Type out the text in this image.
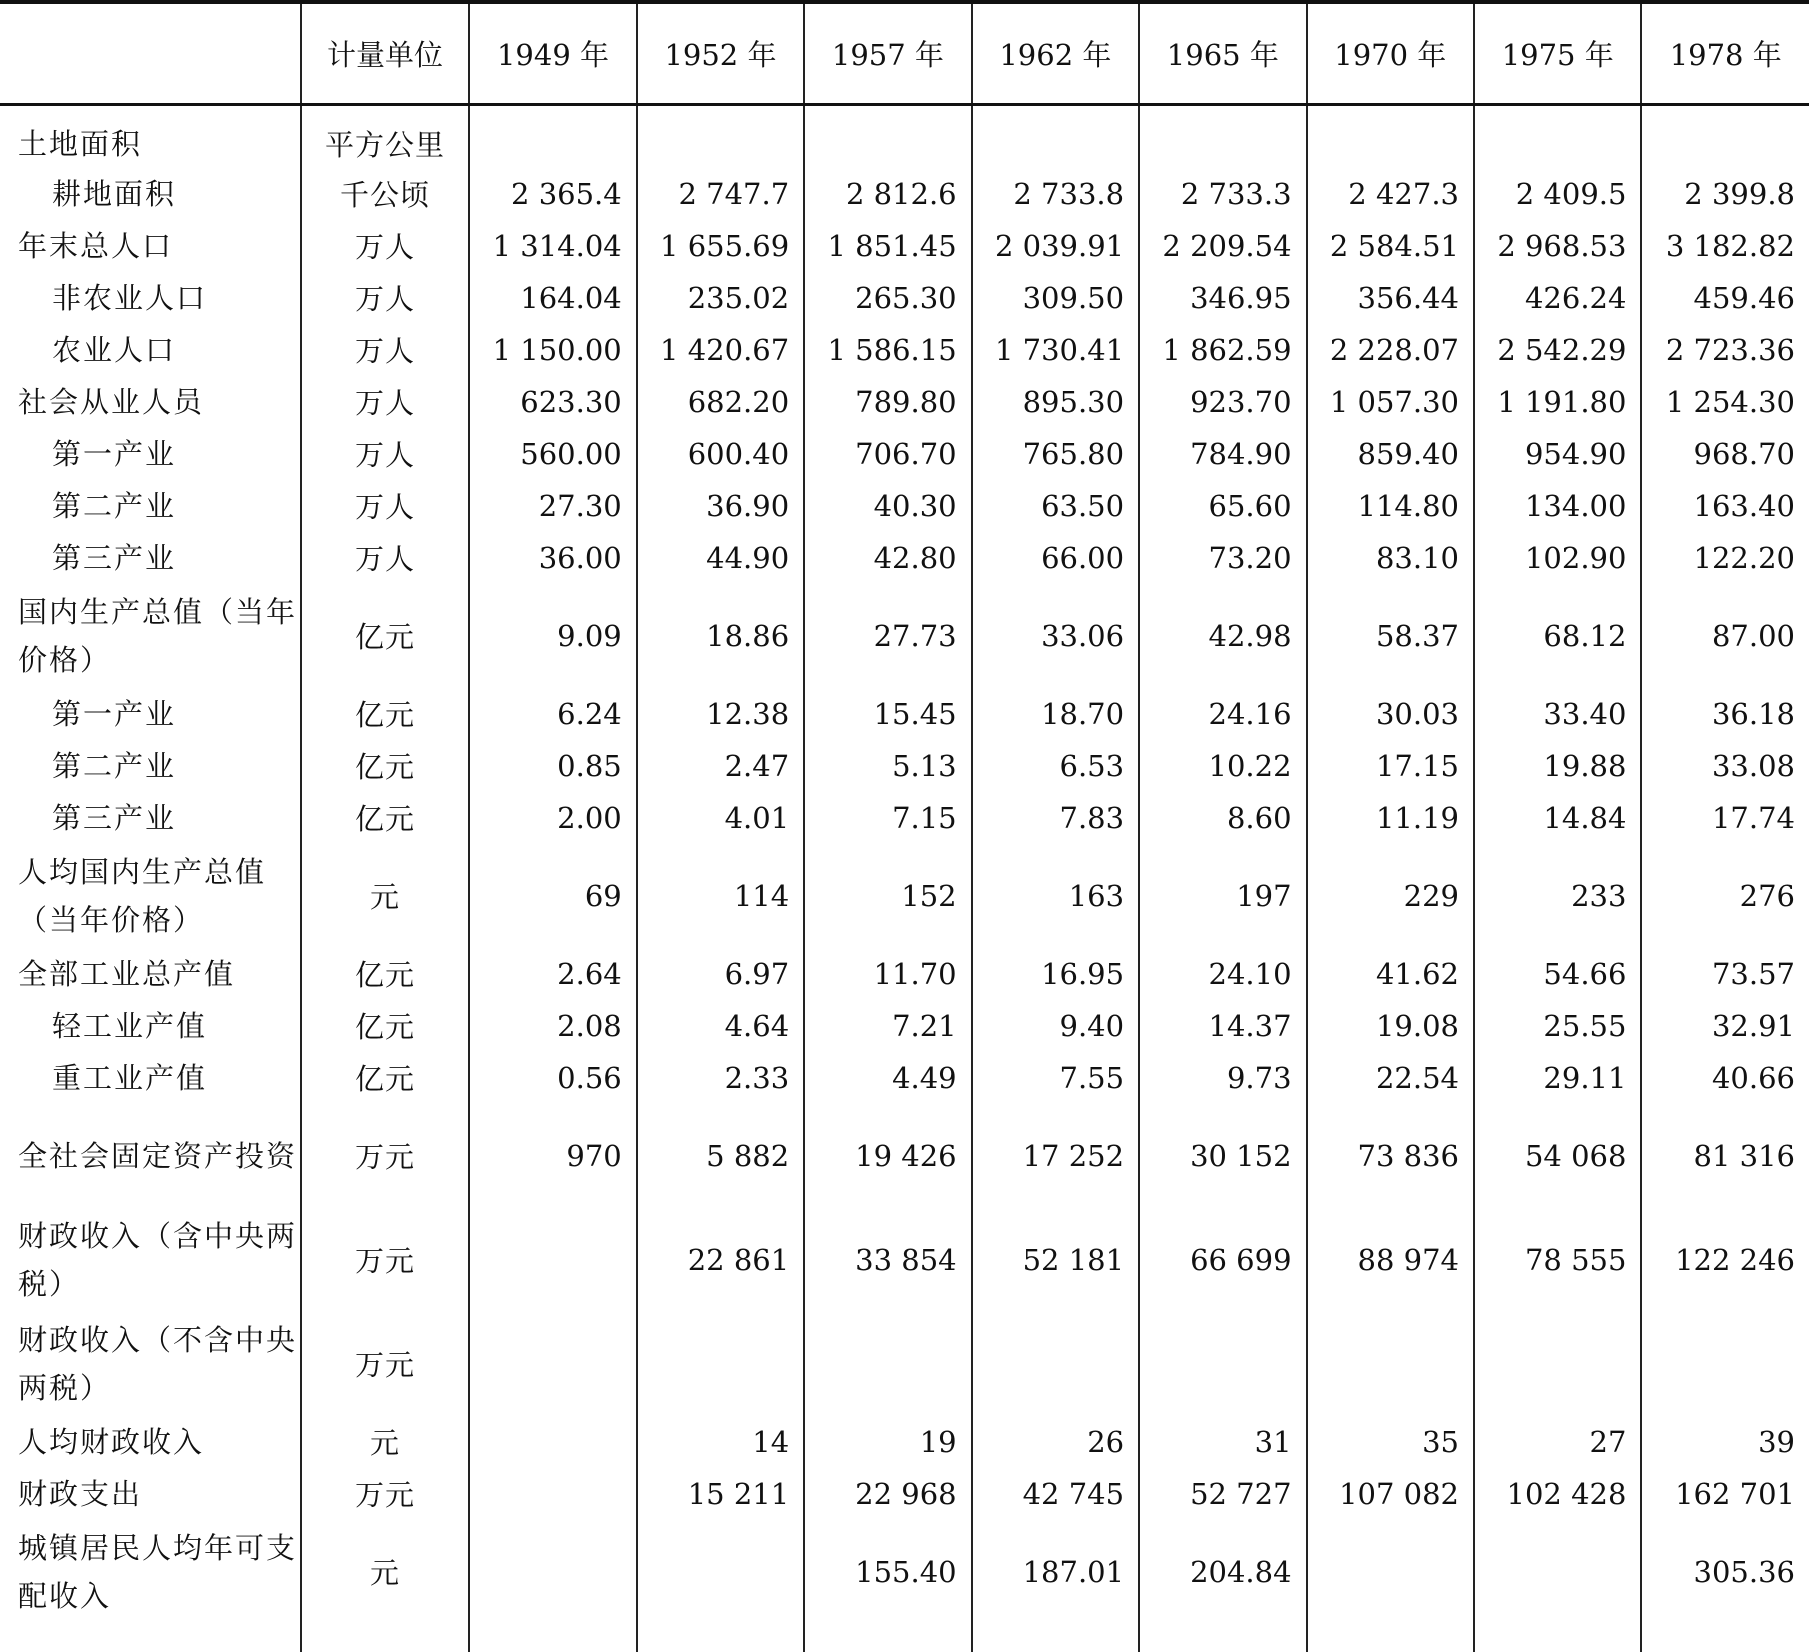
	计量单位	1949 年	1952 年	1957 年	1962 年	1965 年	1970 年	1975 年	1978 年
土地面积	平方公里								
耕地面积	千公顷	2 365.4	2 747.7	2 812.6	2 733.8	2 733.3	2 427.3	2 409.5	2 399.8
年末总人口	万人	1 314.04	1 655.69	1 851.45	2 039.91	2 209.54	2 584.51	2 968.53	3 182.82
非农业人口	万人	164.04	235.02	265.30	309.50	346.95	356.44	426.24	459.46
农业人口	万人	1 150.00	1 420.67	1 586.15	1 730.41	1 862.59	2 228.07	2 542.29	2 723.36
社会从业人员	万人	623.30	682.20	789.80	895.30	923.70	1 057.30	1 191.80	1 254.30
第一产业	万人	560.00	600.40	706.70	765.80	784.90	859.40	954.90	968.70
第二产业	万人	27.30	36.90	40.30	63.50	65.60	114.80	134.00	163.40
第三产业	万人	36.00	44.90	42.80	66.00	73.20	83.10	102.90	122.20
国内生产总值（当年价格）	亿元	9.09	18.86	27.73	33.06	42.98	58.37	68.12	87.00
第一产业	亿元	6.24	12.38	15.45	18.70	24.16	30.03	33.40	36.18
第二产业	亿元	0.85	2.47	5.13	6.53	10.22	17.15	19.88	33.08
第三产业	亿元	2.00	4.01	7.15	7.83	8.60	11.19	14.84	17.74
人均国内生产总值（当年价格）	元	69	114	152	163	197	229	233	276
全部工业总产值	亿元	2.64	6.97	11.70	16.95	24.10	41.62	54.66	73.57
轻工业产值	亿元	2.08	4.64	7.21	9.40	14.37	19.08	25.55	32.91
重工业产值	亿元	0.56	2.33	4.49	7.55	9.73	22.54	29.11	40.66
全社会固定资产投资	万元	970	5 882	19 426	17 252	30 152	73 836	54 068	81 316
财政收入（含中央两税）	万元		22 861	33 854	52 181	66 699	88 974	78 555	122 246
财政收入（不含中央两税）	万元								
人均财政收入	元		14	19	26	31	35	27	39
财政支出	万元		15 211	22 968	42 745	52 727	107 082	102 428	162 701
城镇居民人均年可支配收入	元			155.40	187.01	204.84			305.36
